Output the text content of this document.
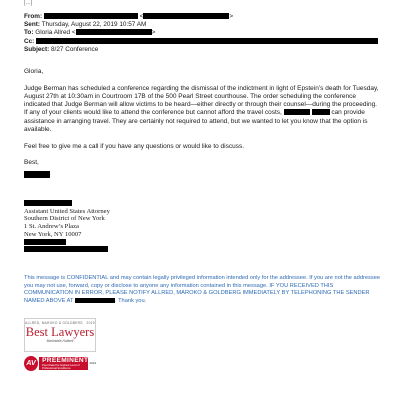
[...]
From:	<	>
Sent: Thursday, August 22, 2019 10:57 AM
To: Gloria Allred <	>
Cc:
Subject: 8/27 Conference

Gloria,

Judge Berman has scheduled a conference regarding the dismissal of the indictment in light of Epstein’s death for Tuesday, August 27th at 10:30am in Courtroom 17B of the 500 Pearl Street courthouse. The order scheduling the conference indicated that Judge Berman will allow victims to be heard—either directly or through their counsel—during the proceeding. If any of your clients would like to attend the conference but cannot afford the travel costs,	can provide assistance in arranging travel. They are certainly not required to attend, but we wanted to let you know that the option is available.

Feel free to give me a call if you have any questions or would like to discuss.

Best,

Assistant United States Attorney
Southern District of New York
1 St. Andrew’s Plaza
New York, NY 10007
This message is CONFIDENTIAL and may contain legally privileged information intended only for the addressee. If you are not the addressee you may not use, forward, copy or disclose to anyone any information contained in this message. IF YOU RECEIVED THIS COMMUNICATION IN ERROR, PLEASE NOTIFY ALLRED, MAROKO & GOLDBERG IMMEDIATELY BY TELEPHONING THE SENDER NAMED ABOVE AT	. Thank you.
ALLRED, MAROKO & GOLDBERG 2019
Best Lawyers
Martindale-Hubbell
AV PREEMINENT
Peer Rated for Highest Level of Professional Excellence
2019
